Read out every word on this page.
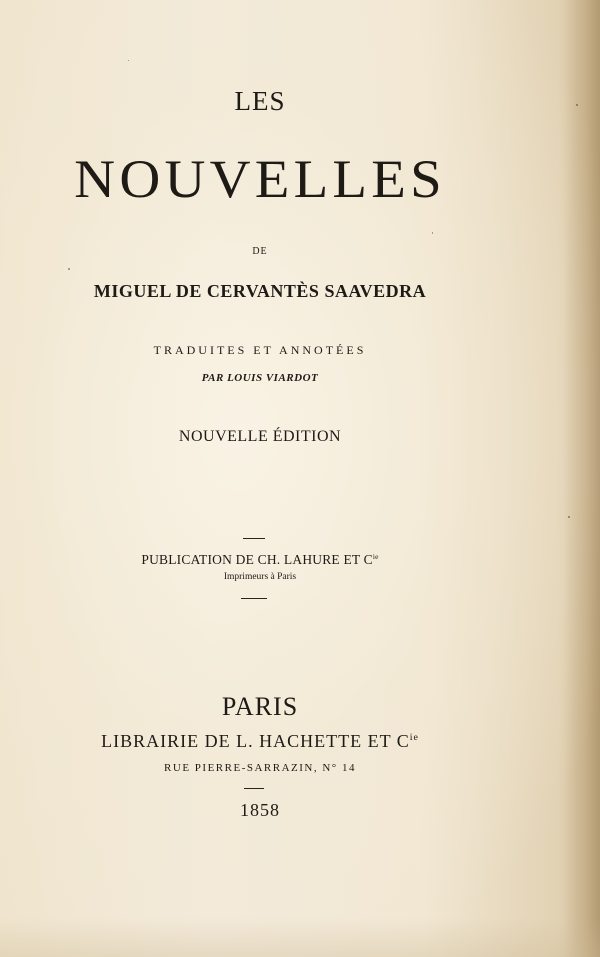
LES
NOUVELLES
DE
MIGUEL DE CERVANTÈS SAAVEDRA
TRADUITES ET ANNOTÉES
PAR LOUIS VIARDOT
NOUVELLE ÉDITION
PUBLICATION DE CH. LAHURE ET $C^{ie}$
Imprimeurs à Paris
PARIS
LIBRAIRIE DE L. HACHETTE ET $C^{ie}$
RUE PIERRE-SARRAZIN, N° 14
1858
